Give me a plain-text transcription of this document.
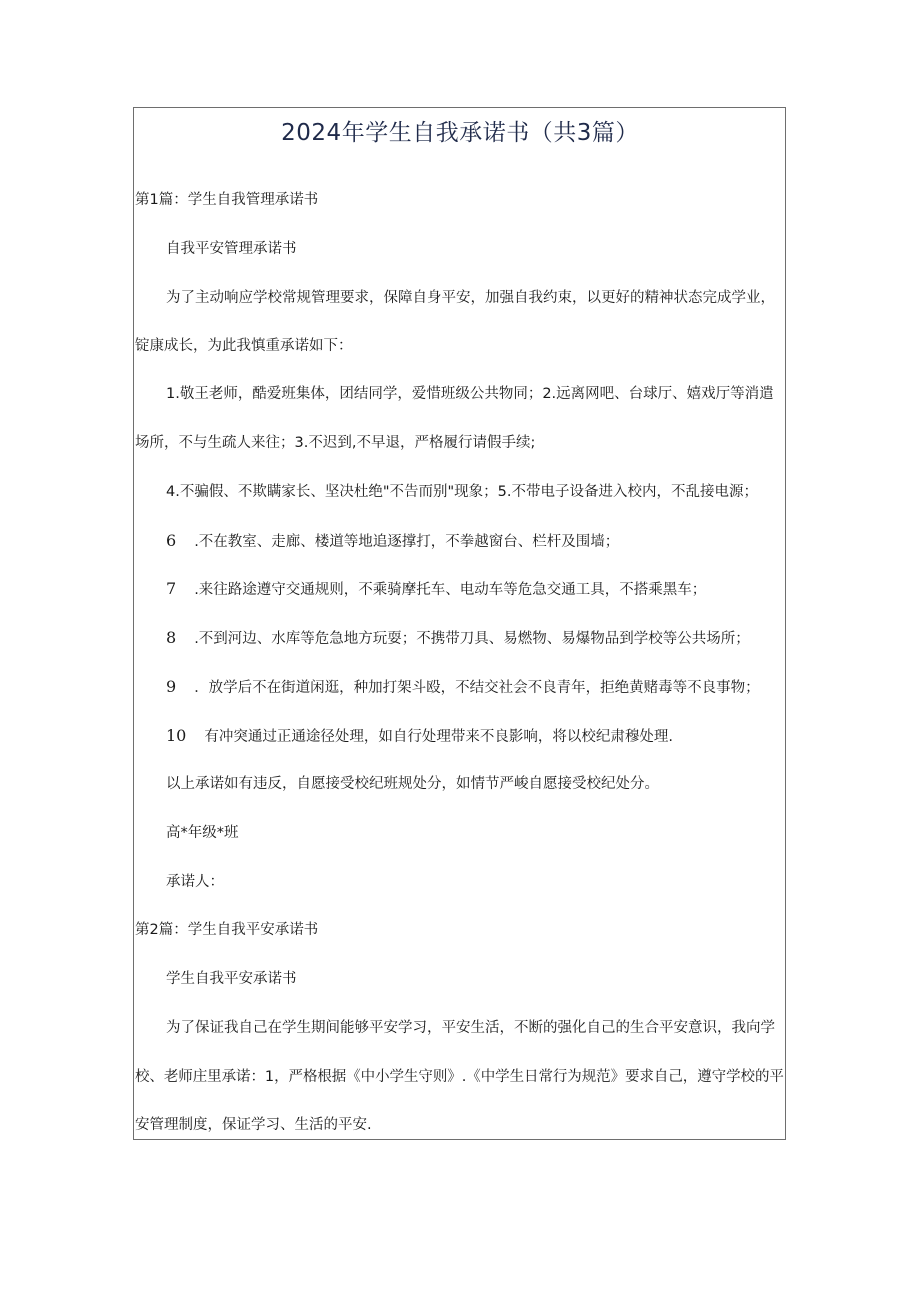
2024年学生自我承诺书（共3篇）
第1篇：学生自我管理承诺书
自我平安管理承诺书
为了主动响应学校常规管理要求，保障自身平安，加强自我约束，以更好的精神状态完成学业，
锭康成长，为此我慎重承诺如下：
1.敬王老师，酷爱班集体，团结同学，爱惜班级公共物同；2.远离网吧、台球厅、嬉戏厅等消遣
场所，不与生疏人来往；3.不迟到,不早退，严格履行请假手续;
4.不骗假、不欺瞒家长、坚决杜绝"不告而别"现象；5.不带电子设备进入校内，不乱接电源；
6 .不在教室、走廊、楼道等地追逐撑打，不拳越窗台、栏杆及围墙；
7 .来往路途遵守交通规则，不乘骑摩托车、电动车等危急交通工具，不搭乘黑车；
8 .不到河边、水库等危急地方玩耍；不携带刀具、易燃物、易爆物品到学校等公共场所；
9 ．放学后不在街道闲逛，种加打架斗殴，不结交社会不良青年，拒绝黄赌毒等不良事物；
10 有冲突通过正通途径处理，如自行处理带来不良影响，将以校纪肃穆处理.
以上承诺如有违反，自愿接受校纪班规处分，如情节严峻自愿接受校纪处分。
高*年级*班
承诺人：
第2篇：学生自我平安承诺书
学生自我平安承诺书
为了保证我自己在学生期间能够平安学习，平安生活，不断的强化自己的生合平安意识，我向学
校、老师庄里承诺：1，严格根据《中小学生守则》.《中学生日常行为规范》要求自己，遵守学校的平
安管理制度，保证学习、生活的平安.
